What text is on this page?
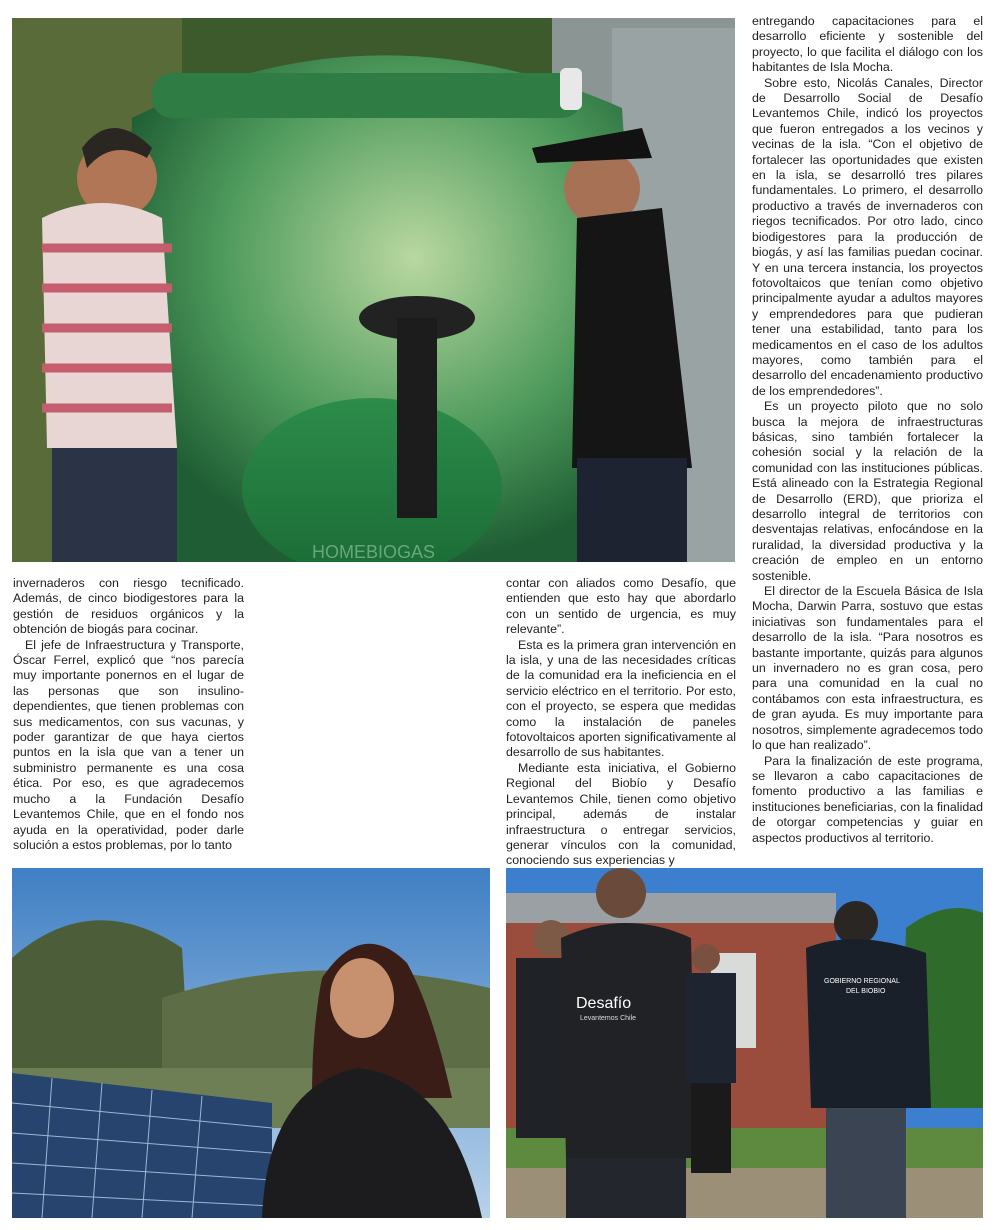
HOMEBIOGAS

entregando capacitaciones para el desarrollo eficiente y sostenible del proyecto, lo que facilita el diálogo con los habitantes de Isla Mocha.

Sobre esto, Nicolás Canales, Director de Desarrollo Social de Desafío Levantemos Chile, indicó los proyectos que fueron entregados a los vecinos y vecinas de la isla. “Con el objetivo de fortalecer las oportunidades que existen en la isla, se desarrolló tres pilares fundamentales. Lo primero, el desarrollo productivo a través de invernaderos con riegos tecnificados. Por otro lado, cinco biodigestores para la producción de biogás, y así las familias puedan cocinar. Y en una tercera instancia, los proyectos fotovoltaicos que tenían como objetivo principalmente ayudar a adultos mayores y emprendedores para que pudieran tener una estabilidad, tanto para los medicamentos en el caso de los adultos mayores, como también para el desarrollo del encadenamiento productivo de los emprendedores”.

Es un proyecto piloto que no solo busca la mejora de infraestructuras básicas, sino también fortalecer la cohesión social y la relación de la comunidad con las instituciones públicas. Está alineado con la Estrategia Regional de Desarrollo (ERD), que prioriza el desarrollo integral de territorios con desventajas relativas, enfocándose en la ruralidad, la diversidad productiva y la creación de empleo en un entorno sostenible.

El director de la Escuela Básica de Isla Mocha, Darwin Parra, sostuvo que estas iniciativas son fundamentales para el desarrollo de la isla. “Para nosotros es bastante importante, quizás para algunos un invernadero no es gran cosa, pero para una comunidad en la cual no contábamos con esta infraestructura, es de gran ayuda. Es muy importante para nosotros, simplemente agradecemos todo lo que han realizado”.

Para la finalización de este programa, se llevaron a cabo capacitaciones de fomento productivo a las familias e instituciones beneficiarias, con la finalidad de otorgar competencias y guiar en aspectos productivos al territorio.

invernaderos con riesgo tecnificado. Además, de cinco biodigestores para la gestión de residuos orgánicos y la obtención de biogás para cocinar.

El jefe de Infraestructura y Transporte, Óscar Ferrel, explicó que “nos parecía muy importante ponernos en el lugar de las personas que son insulino-dependientes, que tienen problemas con sus medicamentos, con sus vacunas, y poder garantizar de que haya ciertos puntos en la isla que van a tener un subministro permanente es una cosa ética. Por eso, es que agradecemos mucho a la Fundación Desafío Levantemos Chile, que en el fondo nos ayuda en la operatividad, poder darle solución a estos problemas, por lo tanto

contar con aliados como Desafío, que entienden que esto hay que abordarlo con un sentido de urgencia, es muy relevante”.

Esta es la primera gran intervención en la isla, y una de las necesidades críticas de la comunidad era la ineficiencia en el servicio eléctrico en el territorio. Por esto, con el proyecto, se espera que medidas como la instalación de paneles fotovoltaicos aporten significativamente al desarrollo de sus habitantes.

Mediante esta iniciativa, el Gobierno Regional del Biobío y Desafío Levantemos Chile, tienen como objetivo principal, además de instalar infraestructura o entregar servicios, generar vínculos con la comunidad, conociendo sus experiencias y

Desafío
Levantemos Chile
GOBIERNO REGIONAL
DEL BIOBIO
